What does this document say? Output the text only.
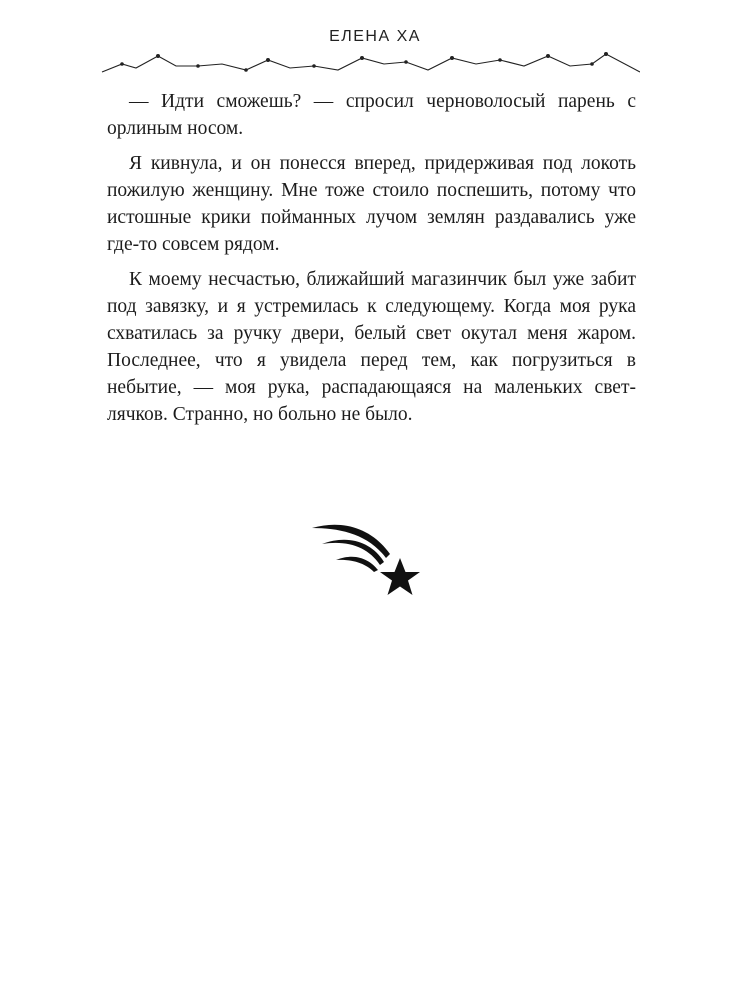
ЕЛЕНА ХА

— Идти сможешь? — спросил черноволосый парень с орлиным носом.

Я кивнула, и он понесся вперед, придерживая под локоть пожилую женщину. Мне тоже стоило поспешить, потому что истошные крики пойманных лучом землян раздавались уже где-то совсем рядом.

К моему несчастью, ближайший магазинчик был уже забит под завязку, и я устремилась к следующему. Когда моя рука схватилась за ручку двери, белый свет окутал меня жаром. Последнее, что я увидела перед тем, как погрузиться в небытие, — моя рука, распадающаяся на маленьких светлячков. Странно, но больно не было.
